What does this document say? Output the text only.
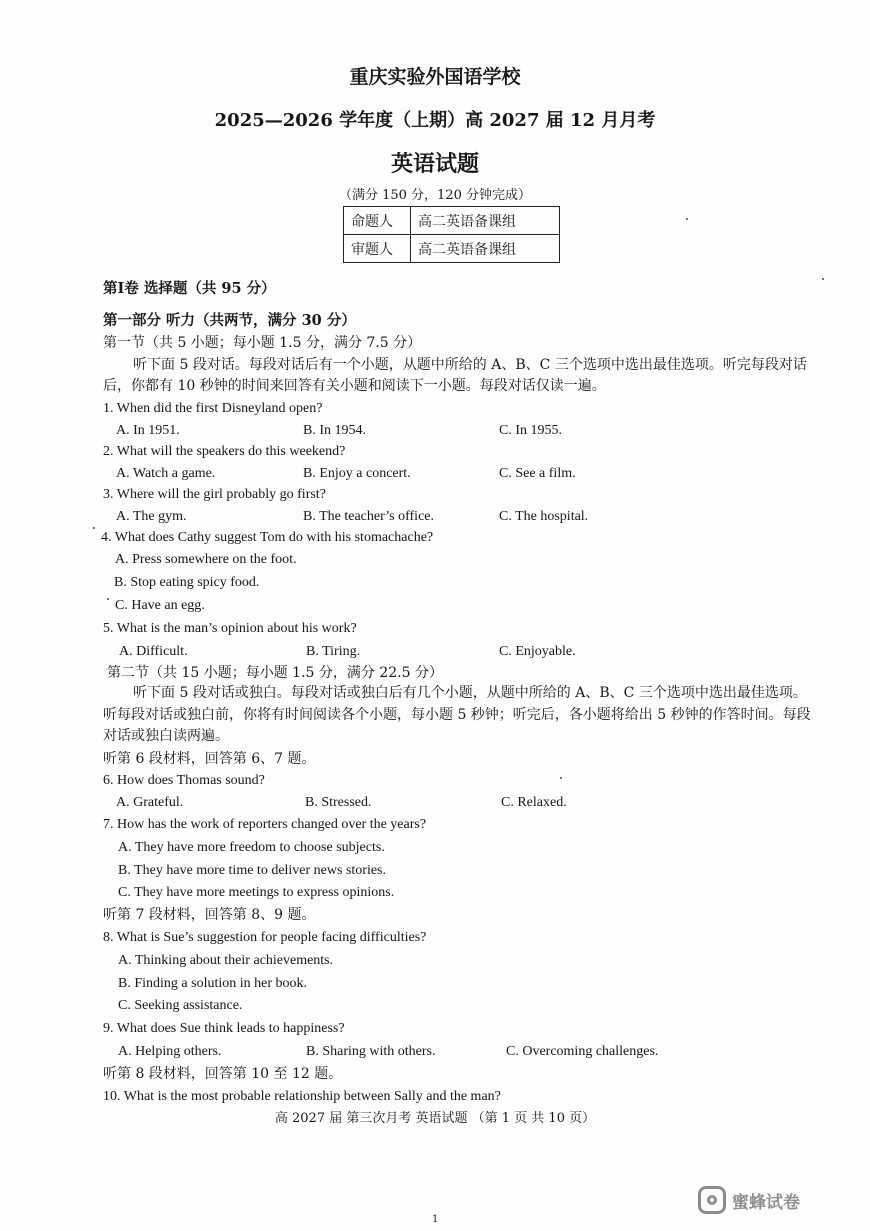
重庆实验外国语学校
2025—2026 学年度（上期）高 2027 届 12 月月考
英语试题
（满分 150 分，120 分钟完成）
命题人	高二英语备课组
审题人	高二英语备课组
第Ⅰ卷 选择题（共 95 分）
第一部分 听力（共两节，满分 30 分）
第一节（共 5 小题；每小题 1.5 分，满分 7.5 分）
听下面 5 段对话。每段对话后有一个小题，从题中所给的 A、B、C 三个选项中选出最佳选项。听完每段对话
后，你都有 10 秒钟的时间来回答有关小题和阅读下一小题。每段对话仅读一遍。
1. When did the first Disneyland open?
A. In 1951.	B. In 1954.	C. In 1955.
2. What will the speakers do this weekend?
A. Watch a game.	B. Enjoy a concert.	C. See a film.
3. Where will the girl probably go first?
A. The gym.	B. The teacher’s office.	C. The hospital.
4. What does Cathy suggest Tom do with his stomachache?
A. Press somewhere on the foot.
B. Stop eating spicy food.
C. Have an egg.
5. What is the man’s opinion about his work?
A. Difficult.	B. Tiring.	C. Enjoyable.
第二节（共 15 小题；每小题 1.5 分，满分 22.5 分）
听下面 5 段对话或独白。每段对话或独白后有几个小题，从题中所给的 A、B、C 三个选项中选出最佳选项。
听每段对话或独白前，你将有时间阅读各个小题，每小题 5 秒钟；听完后，各小题将给出 5 秒钟的作答时间。每段
对话或独白读两遍。
听第 6 段材料，回答第 6、7 题。
6. How does Thomas sound?
A. Grateful.	B. Stressed.	C. Relaxed.
7. How has the work of reporters changed over the years?
A. They have more freedom to choose subjects.
B. They have more time to deliver news stories.
C. They have more meetings to express opinions.
听第 7 段材料，回答第 8、9 题。
8. What is Sue’s suggestion for people facing difficulties?
A. Thinking about their achievements.
B. Finding a solution in her book.
C. Seeking assistance.
9. What does Sue think leads to happiness?
A. Helping others.	B. Sharing with others.	C. Overcoming challenges.
听第 8 段材料，回答第 10 至 12 题。
10. What is the most probable relationship between Sally and the man?
高 2027 届 第三次月考 英语试题 （第 1 页 共 10 页）
蜜蜂试卷
1
